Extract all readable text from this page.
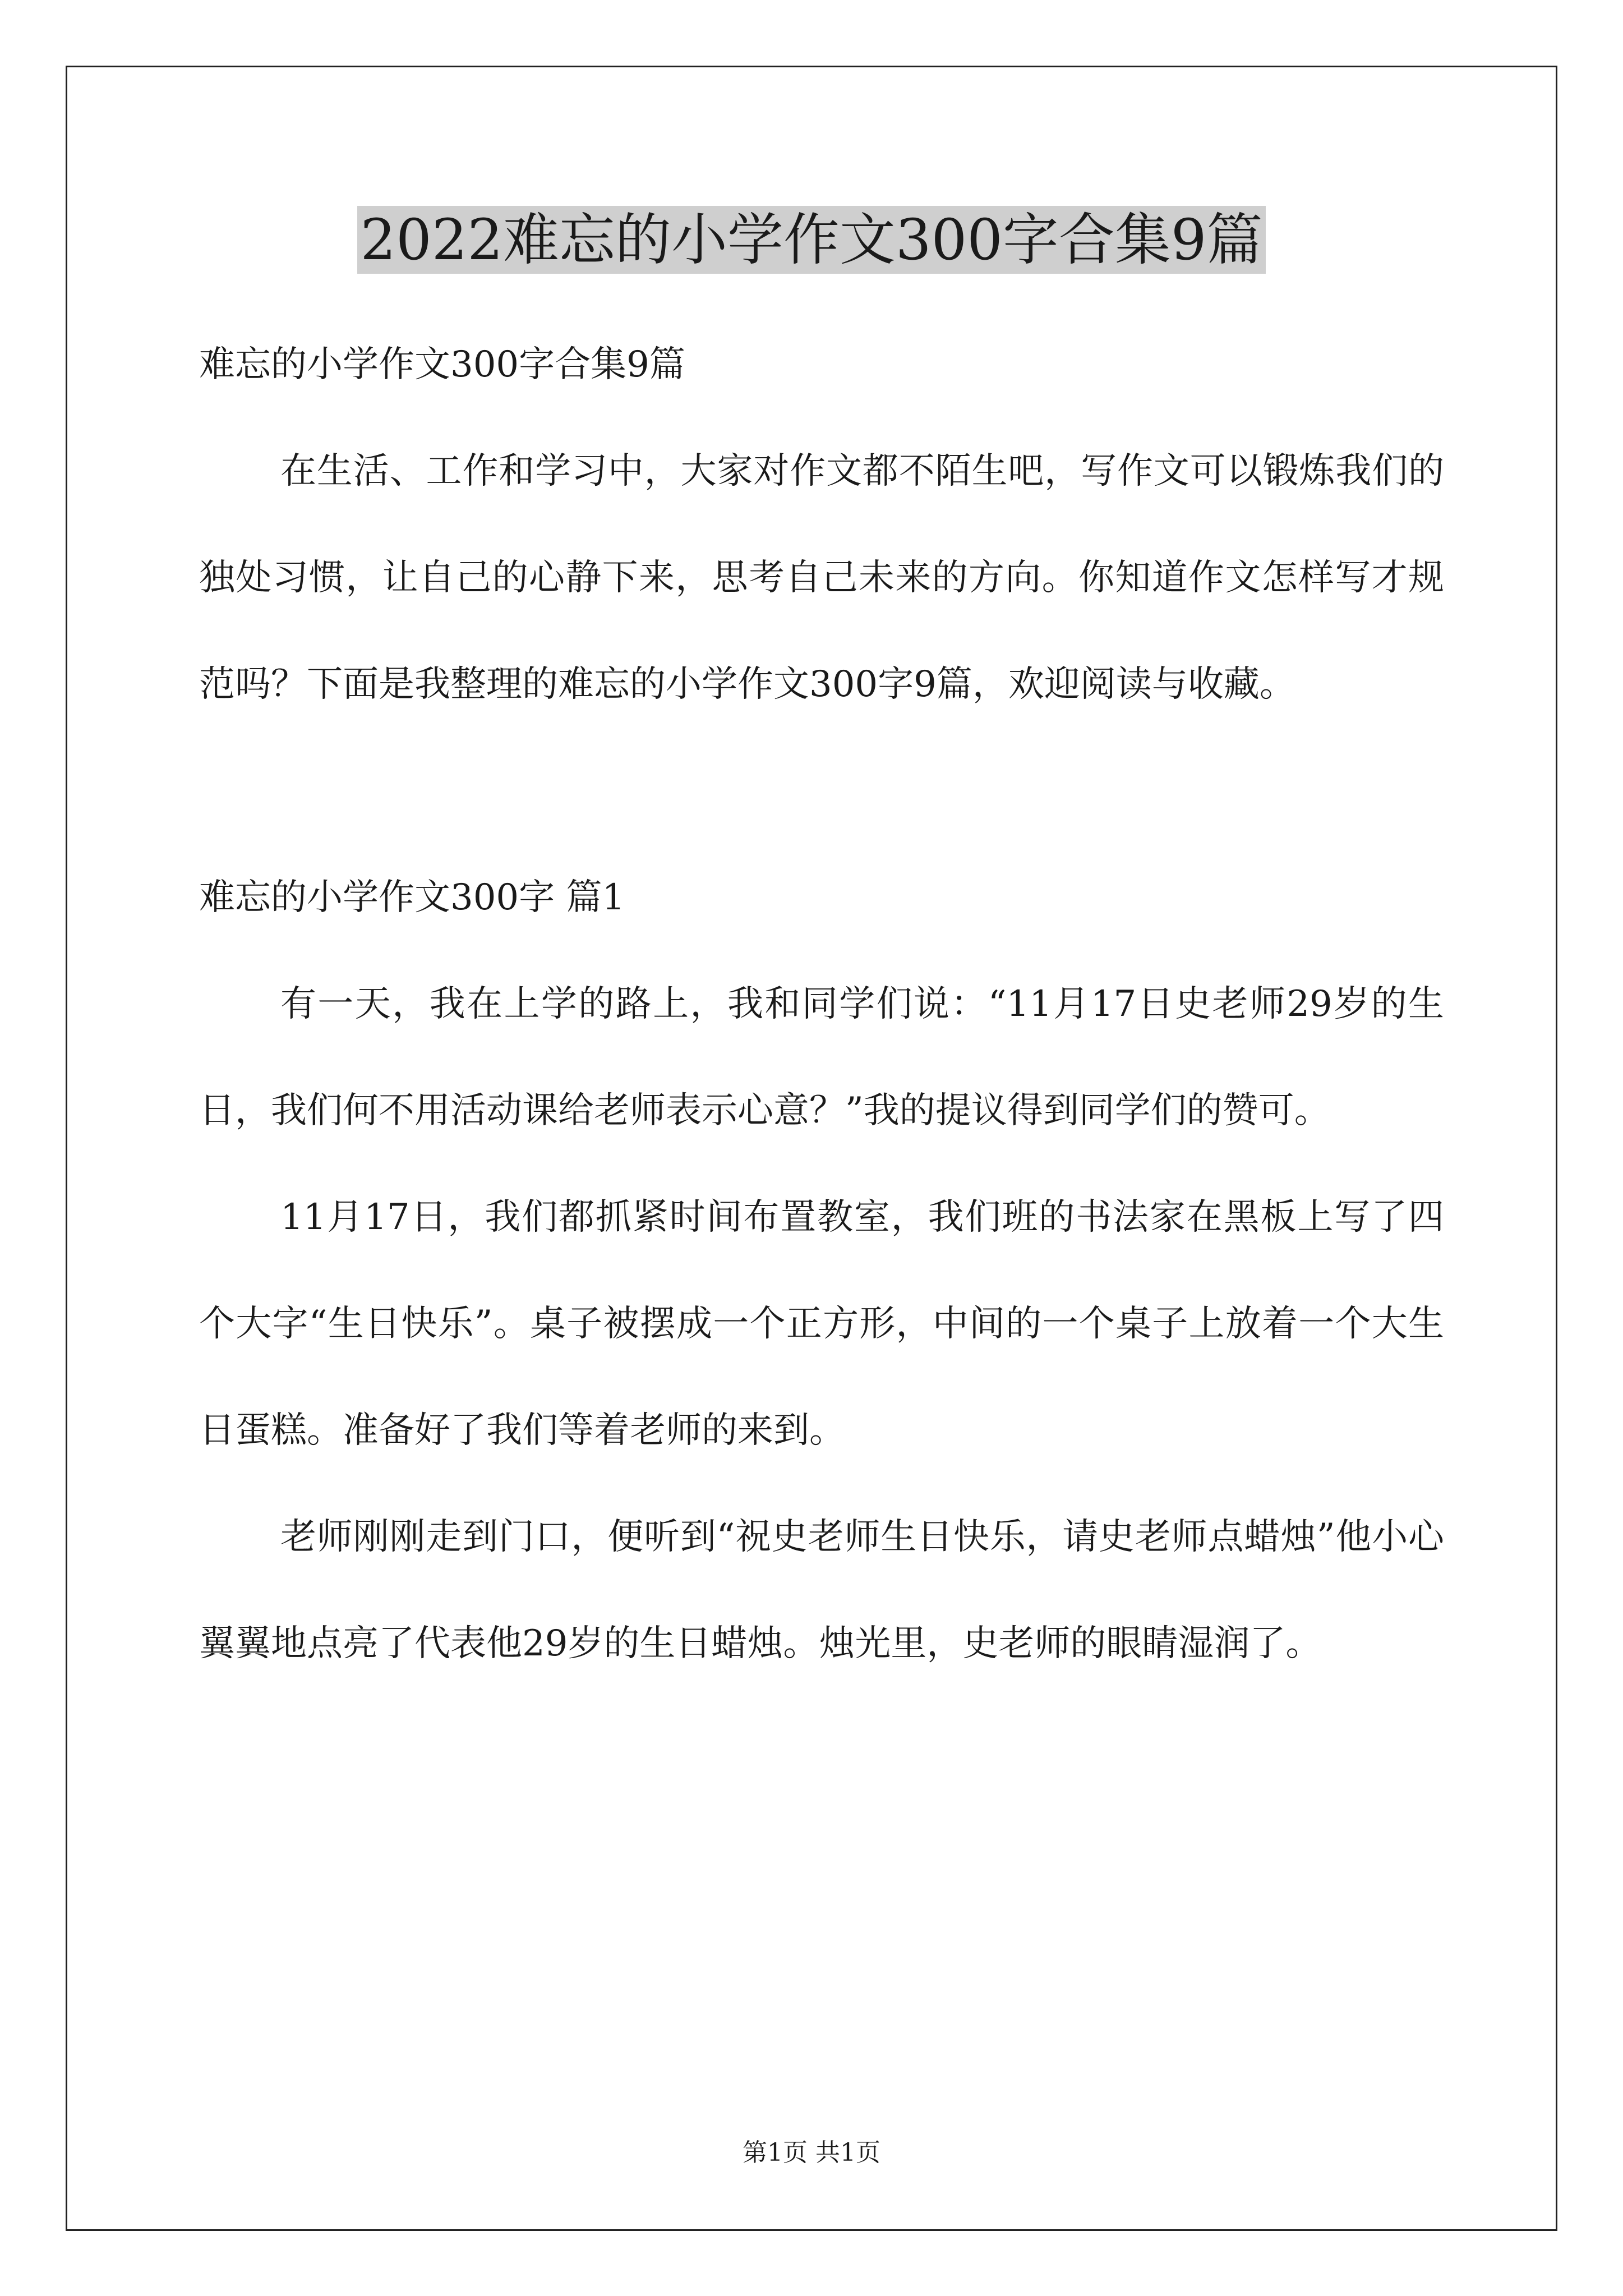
2022难忘的小学作文300字合集9篇

难忘的小学作文300字合集9篇

在生活、工作和学习中，大家对作文都不陌生吧，写作文可以锻炼我们的独处习惯，让自己的心静下来，思考自己未来的方向。你知道作文怎样写才规范吗？下面是我整理的难忘的小学作文300字9篇，欢迎阅读与收藏。

难忘的小学作文300字 篇1

有一天，我在上学的路上，我和同学们说：“11月17日史老师29岁的生日，我们何不用活动课给老师表示心意？”我的提议得到同学们的赞可。

11月17日，我们都抓紧时间布置教室，我们班的书法家在黑板上写了四个大字“生日快乐”。桌子被摆成一个正方形，中间的一个桌子上放着一个大生日蛋糕。准备好了我们等着老师的来到。

老师刚刚走到门口，便听到“祝史老师生日快乐，请史老师点蜡烛”他小心翼翼地点亮了代表他29岁的生日蜡烛。烛光里，史老师的眼睛湿润了。

第1页 共1页
